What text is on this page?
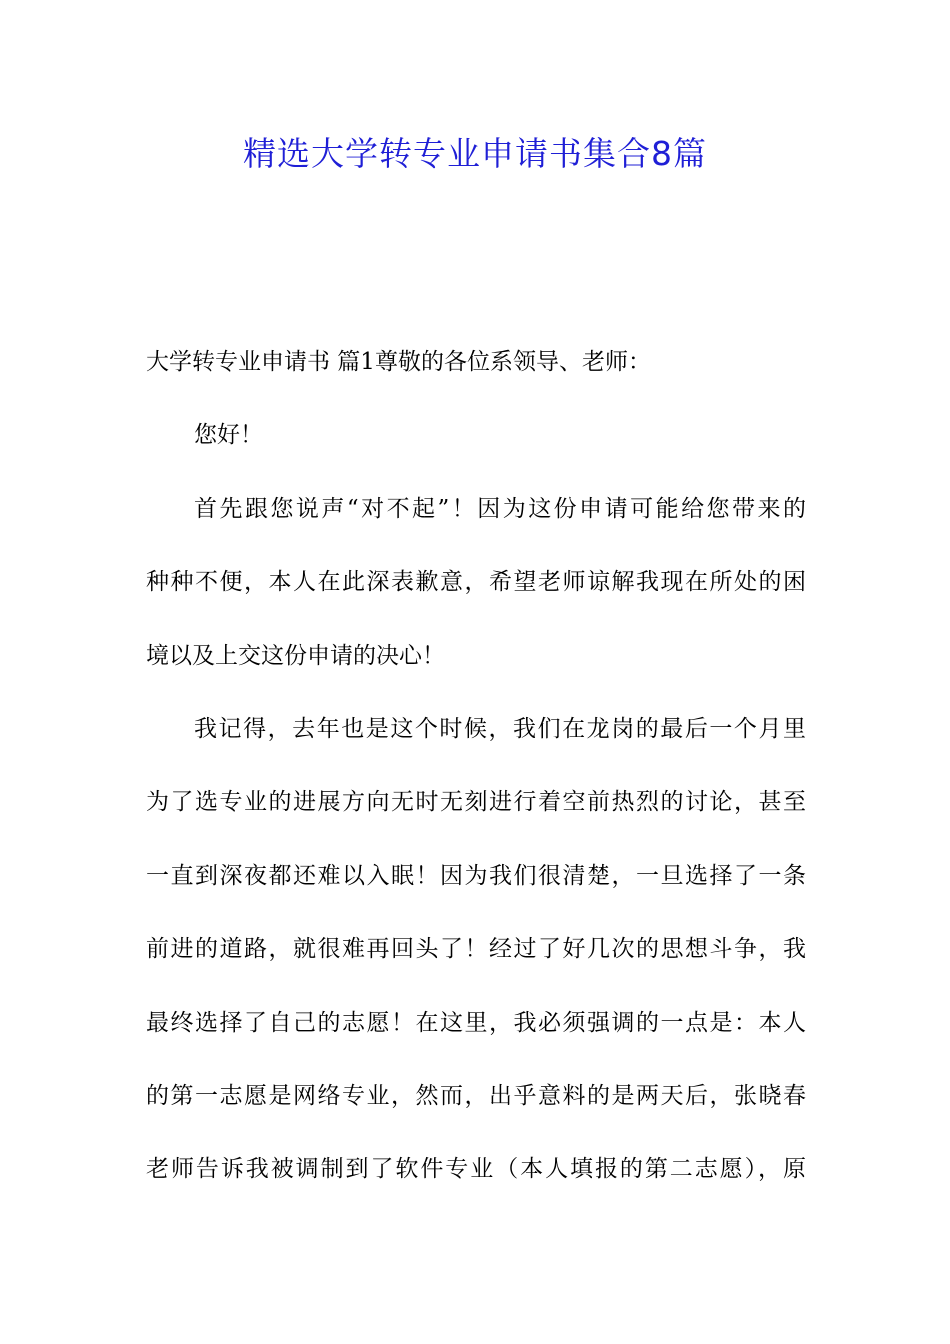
精选大学转专业申请书集合8篇
大学转专业申请书 篇1尊敬的各位系领导、老师：
您好！
首先跟您说声“对不起”！因为这份申请可能给您带来的
种种不便，本人在此深表歉意，希望老师谅解我现在所处的困
境以及上交这份申请的决心！
我记得，去年也是这个时候，我们在龙岗的最后一个月里
为了选专业的进展方向无时无刻进行着空前热烈的讨论，甚至
一直到深夜都还难以入眠！因为我们很清楚，一旦选择了一条
前进的道路，就很难再回头了！经过了好几次的思想斗争，我
最终选择了自己的志愿！在这里，我必须强调的一点是：本人
的第一志愿是网络专业，然而，出乎意料的是两天后，张晓春
老师告诉我被调制到了软件专业（本人填报的第二志愿），原
